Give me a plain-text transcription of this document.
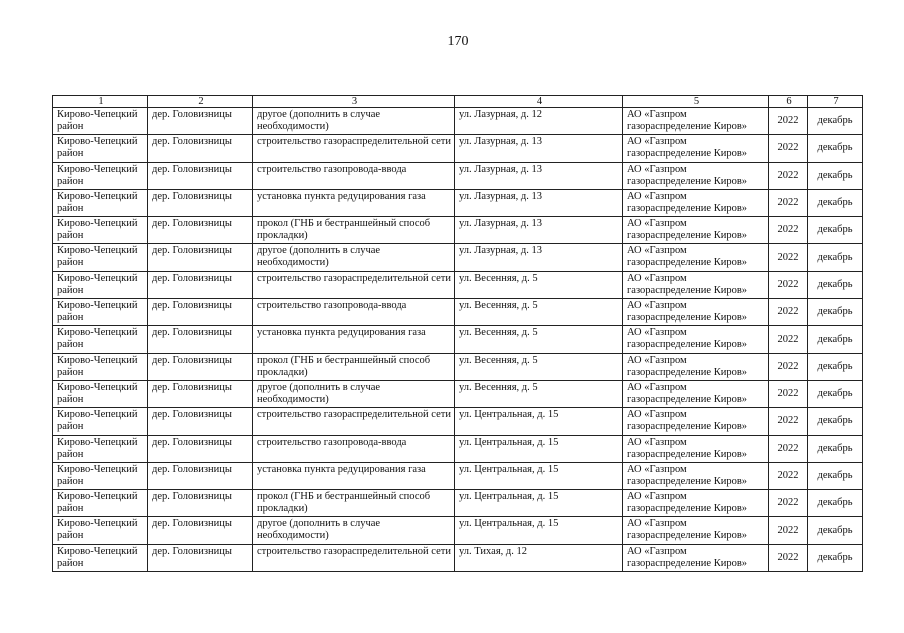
170
1	2	3	4	5	6	7
Кирово-Чепецкий район	дер. Головизницы	другое (дополнить в случае необходимости)	ул. Лазурная, д. 12	АО «Газпром газораспределение Киров»	2022	декабрь
Кирово-Чепецкий район	дер. Головизницы	строительство газораспределительной сети	ул. Лазурная, д. 13	АО «Газпром газораспределение Киров»	2022	декабрь
Кирово-Чепецкий район	дер. Головизницы	строительство газопровода-ввода	ул. Лазурная, д. 13	АО «Газпром газораспределение Киров»	2022	декабрь
Кирово-Чепецкий район	дер. Головизницы	установка пункта редуцирования газа	ул. Лазурная, д. 13	АО «Газпром газораспределение Киров»	2022	декабрь
Кирово-Чепецкий район	дер. Головизницы	прокол (ГНБ и бестраншейный способ прокладки)	ул. Лазурная, д. 13	АО «Газпром газораспределение Киров»	2022	декабрь
Кирово-Чепецкий район	дер. Головизницы	другое (дополнить в случае необходимости)	ул. Лазурная, д. 13	АО «Газпром газораспределение Киров»	2022	декабрь
Кирово-Чепецкий район	дер. Головизницы	строительство газораспределительной сети	ул. Весенняя, д. 5	АО «Газпром газораспределение Киров»	2022	декабрь
Кирово-Чепецкий район	дер. Головизницы	строительство газопровода-ввода	ул. Весенняя, д. 5	АО «Газпром газораспределение Киров»	2022	декабрь
Кирово-Чепецкий район	дер. Головизницы	установка пункта редуцирования газа	ул. Весенняя, д. 5	АО «Газпром газораспределение Киров»	2022	декабрь
Кирово-Чепецкий район	дер. Головизницы	прокол (ГНБ и бестраншейный способ прокладки)	ул. Весенняя, д. 5	АО «Газпром газораспределение Киров»	2022	декабрь
Кирово-Чепецкий район	дер. Головизницы	другое (дополнить в случае необходимости)	ул. Весенняя, д. 5	АО «Газпром газораспределение Киров»	2022	декабрь
Кирово-Чепецкий район	дер. Головизницы	строительство газораспределительной сети	ул. Центральная, д. 15	АО «Газпром газораспределение Киров»	2022	декабрь
Кирово-Чепецкий район	дер. Головизницы	строительство газопровода-ввода	ул. Центральная, д. 15	АО «Газпром газораспределение Киров»	2022	декабрь
Кирово-Чепецкий район	дер. Головизницы	установка пункта редуцирования газа	ул. Центральная, д. 15	АО «Газпром газораспределение Киров»	2022	декабрь
Кирово-Чепецкий район	дер. Головизницы	прокол (ГНБ и бестраншейный способ прокладки)	ул. Центральная, д. 15	АО «Газпром газораспределение Киров»	2022	декабрь
Кирово-Чепецкий район	дер. Головизницы	другое (дополнить в случае необходимости)	ул. Центральная, д. 15	АО «Газпром газораспределение Киров»	2022	декабрь
Кирово-Чепецкий район	дер. Головизницы	строительство газораспределительной сети	ул. Тихая, д. 12	АО «Газпром газораспределение Киров»	2022	декабрь
